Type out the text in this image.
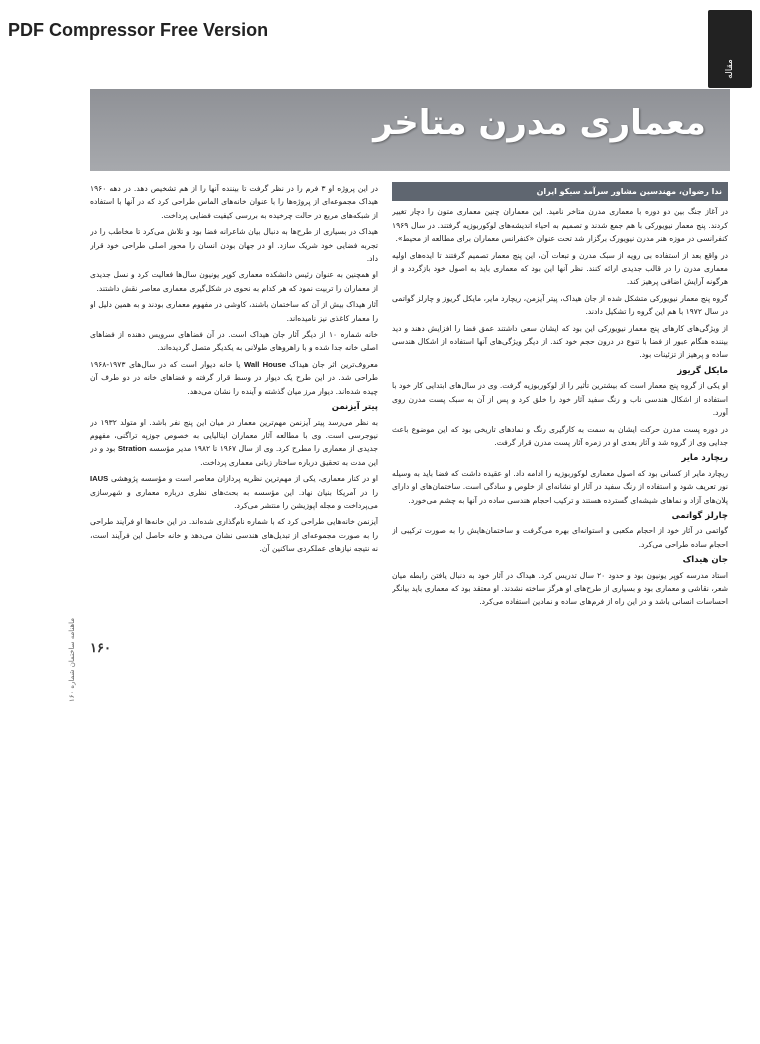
PDF Compressor Free Version
مقاله
معماری مدرن متاخر
ماهنامه ساختمان شماره ۱۶۰ ۱۶۰
ندا رضوان، مهندسین مشاور سرآمد سبکو ایران

در آغاز جنگ بین دو دوره با معماری مدرن متاخر نامید. این معماران چنین معماری متون را دچار تغییر کردند. پنج معمار نیویورکی با هم جمع شدند و تصمیم به احیاء اندیشه‌های لوکوربوزیه گرفتند. در سال ۱۹۶۹ کنفرانسی در موزه هنر مدرن نیویورک برگزار شد تحت عنوان «کنفرانس معماران برای مطالعه از محیط».

در واقع بعد از استفاده بی رویه از سبک مدرن و تبعات آن، این پنج معمار تصمیم گرفتند تا ایده‌های اولیه معماری مدرن را در قالب جدیدی ارائه کنند. نظر آنها این بود که معماری باید به اصول خود بازگردد و از هرگونه آرایش اضافی پرهیز کند.

گروه پنج معمار نیویورکی متشکل شده از جان هیداک، پیتر آیزمن، ریچارد مایر، مایکل گریوز و چارلز گواتمی در سال ۱۹۷۲ با هم این گروه را تشکیل دادند.

از ویژگی‌های کارهای پنج معمار نیویورکی این بود که ایشان سعی داشتند عمق فضا را افزایش دهند و دید بیننده هنگام عبور از فضا با تنوع در درون حجم خود کند. از دیگر ویژگی‌های آنها استفاده از اشکال هندسی ساده و پرهیز از تزئینات بود.

مایکل گریوز

او یکی از گروه پنج معمار است که بیشترین تأثیر را از لوکوربوزیه گرفت. وی در سال‌های ابتدایی کار خود با استفاده از اشکال هندسی ناب و رنگ سفید آثار خود را خلق کرد و پس از آن به سبک پست مدرن روی آورد.

در دوره پست مدرن حرکت ایشان به سمت به کارگیری رنگ و نمادهای تاریخی بود که این موضوع باعث جدایی وی از گروه شد و آثار بعدی او در زمره آثار پست مدرن قرار گرفت.

ریچارد مایر

ریچارد مایر از کسانی بود که اصول معماری لوکوربوزیه را ادامه داد. او عقیده داشت که فضا باید به وسیله نور تعریف شود و استفاده از رنگ سفید در آثار او نشانه‌ای از خلوص و سادگی است. ساختمان‌های او دارای پلان‌های آزاد و نماهای شیشه‌ای گسترده هستند و ترکیب احجام هندسی ساده در آنها به چشم می‌خورد.

چارلز گواتمی

گواتمی در آثار خود از احجام مکعبی و استوانه‌ای بهره می‌گرفت و ساختمان‌هایش را به صورت ترکیبی از احجام ساده طراحی می‌کرد.

جان هیداک

استاد مدرسه کوپر یونیون بود و حدود ۲۰ سال تدریس کرد. هیداک در آثار خود به دنبال یافتن رابطه میان شعر، نقاشی و معماری بود و بسیاری از طرح‌های او هرگز ساخته نشدند. او معتقد بود که معماری باید بیانگر احساسات انسانی باشد و در این راه از فرم‌های ساده و نمادین استفاده می‌کرد.

در این پروژه او ۳ فرم را در نظر گرفت تا بیننده آنها را از هم تشخیص دهد. در دهه ۱۹۶۰ هیداک مجموعه‌ای از پروژه‌ها را با عنوان خانه‌های الماس طراحی کرد که در آنها با استفاده از شبکه‌های مربع در حالت چرخیده به بررسی کیفیت فضایی پرداخت.

هیداک در بسیاری از طرح‌ها به دنبال بیان شاعرانه فضا بود و تلاش می‌کرد تا مخاطب را در تجربه فضایی خود شریک سازد. او در جهان بودن انسان را محور اصلی طراحی خود قرار داد.

او همچنین به عنوان رئیس دانشکده معماری کوپر یونیون سال‌ها فعالیت کرد و نسل جدیدی از معماران را تربیت نمود که هر کدام به نحوی در شکل‌گیری معماری معاصر نقش داشتند.

آثار هیداک بیش از آن که ساختمان باشند، کاوشی در مفهوم معماری بودند و به همین دلیل او را معمار کاغذی نیز نامیده‌اند.

خانه شماره ۱۰ از دیگر آثار جان هیداک است. در آن فضاهای سرویس دهنده از فضاهای اصلی خانه جدا شده و با راهروهای طولانی به یکدیگر متصل گردیده‌اند.

معروف‌ترین اثر جان هیداک Wall House یا خانه دیوار است که در سال‌های ۱۹۷۳-۱۹۶۸ طراحی شد. در این طرح یک دیوار در وسط قرار گرفته و فضاهای خانه در دو طرف آن چیده شده‌اند. دیوار مرز میان گذشته و آینده را نشان می‌دهد.

پیتر آیزنمن

به نظر می‌رسد پیتر آیزنمن مهم‌ترین معمار در میان این پنج نفر باشد. او متولد ۱۹۳۲ در نیوجرسی است. وی با مطالعه آثار معماران ایتالیایی به خصوص جوزپه تراگنی، مفهوم جدیدی از معماری را مطرح کرد. وی از سال ۱۹۶۷ تا ۱۹۸۲ مدیر مؤسسه Stration بود و در این مدت به تحقیق درباره ساختار زبانی معماری پرداخت.

او در کنار معماری، یکی از مهم‌ترین نظریه پردازان معاصر است و مؤسسه پژوهشی IAUS را در آمریکا بنیان نهاد. این مؤسسه به بحث‌های نظری درباره معماری و شهرسازی می‌پرداخت و مجله اپوزیشن را منتشر می‌کرد.

آیزنمن خانه‌هایی طراحی کرد که با شماره نام‌گذاری شده‌اند. در این خانه‌ها او فرآیند طراحی را به صورت مجموعه‌ای از تبدیل‌های هندسی نشان می‌دهد و خانه حاصل این فرآیند است، نه نتیجه نیازهای عملکردی ساکنین آن.
